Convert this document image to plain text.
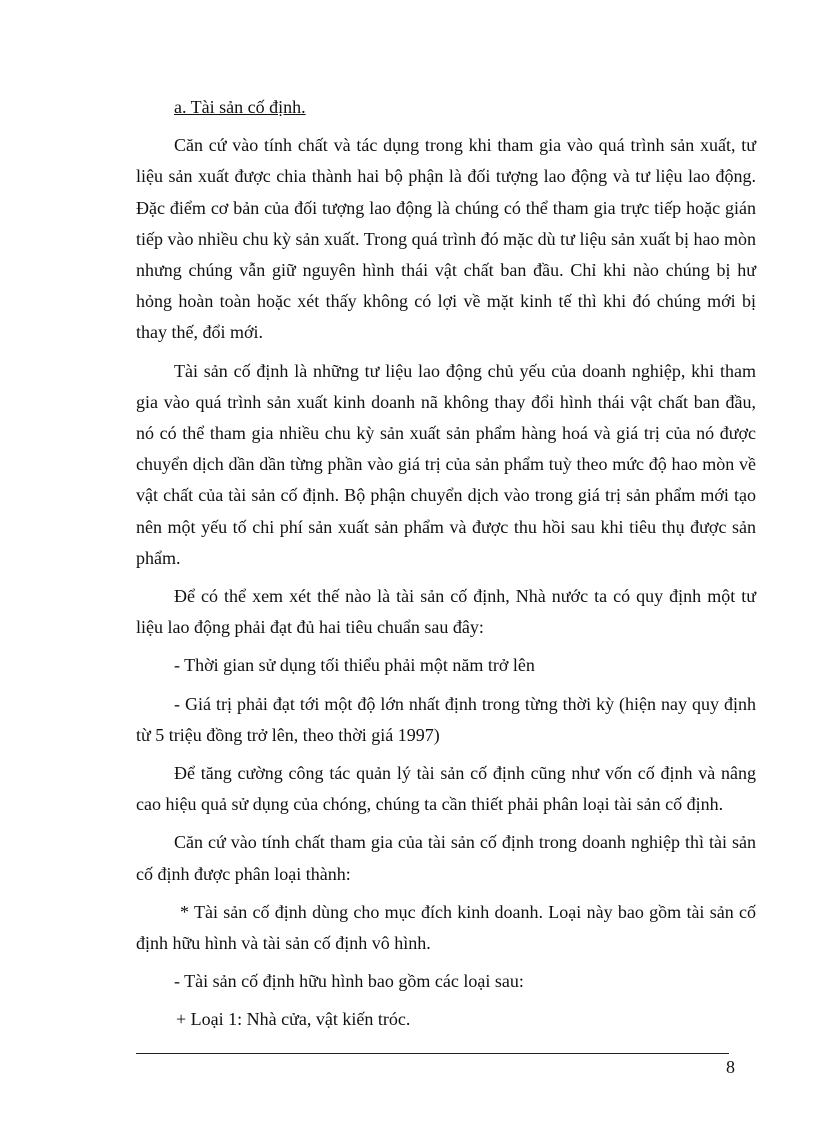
a. Tài sản cố định.

Căn cứ vào tính chất và tác dụng trong khi tham gia vào quá trình sản xuất, tư liệu sản xuất được chia thành hai bộ phận là đối tượng lao động và tư liệu lao động. Đặc điểm cơ bản của đối tượng lao động là chúng có thể tham gia trực tiếp hoặc gián tiếp vào nhiều chu kỳ sản xuất. Trong quá trình đó mặc dù tư liệu sản xuất bị hao mòn nhưng chúng vẫn giữ nguyên hình thái vật chất ban đầu. Chỉ khi nào chúng bị hư hỏng hoàn toàn hoặc xét thấy không có lợi về mặt kinh tế thì khi đó chúng mới bị thay thế, đổi mới.

Tài sản cố định là những tư liệu lao động chủ yếu của doanh nghiệp, khi tham gia vào quá trình sản xuất kinh doanh nã không thay đổi hình thái vật chất ban đầu, nó có thể tham gia nhiều chu kỳ sản xuất sản phẩm hàng hoá và giá trị của nó được chuyển dịch dần dần từng phần vào giá trị của sản phẩm tuỳ theo mức độ hao mòn về vật chất của tài sản cố định. Bộ phận chuyển dịch vào trong giá trị sản phẩm mới tạo nên một yếu tố chi phí sản xuất sản phẩm và được thu hồi sau khi tiêu thụ được sản phẩm.

Để có thể xem xét thế nào là tài sản cố định, Nhà nước ta có quy định một tư liệu lao động phải đạt đủ hai tiêu chuẩn sau đây:

- Thời gian sử dụng tối thiểu phải một năm trở lên

- Giá trị phải đạt tới một độ lớn nhất định trong từng thời kỳ (hiện nay quy định từ 5 triệu đồng trở lên, theo thời giá 1997)

Để tăng cường công tác quản lý tài sản cố định cũng như vốn cố định và nâng cao hiệu quả sử dụng của chóng, chúng ta cần thiết phải phân loại tài sản cố định.

Căn cứ vào tính chất tham gia của tài sản cố định trong doanh nghiệp thì tài sản cố định được phân loại thành:

* Tài sản cố định dùng cho mục đích kinh doanh. Loại này bao gồm tài sản cố định hữu hình và tài sản cố định vô hình.

- Tài sản cố định hữu hình bao gồm các loại sau:

+ Loại 1: Nhà cửa, vật kiến tróc.

8
